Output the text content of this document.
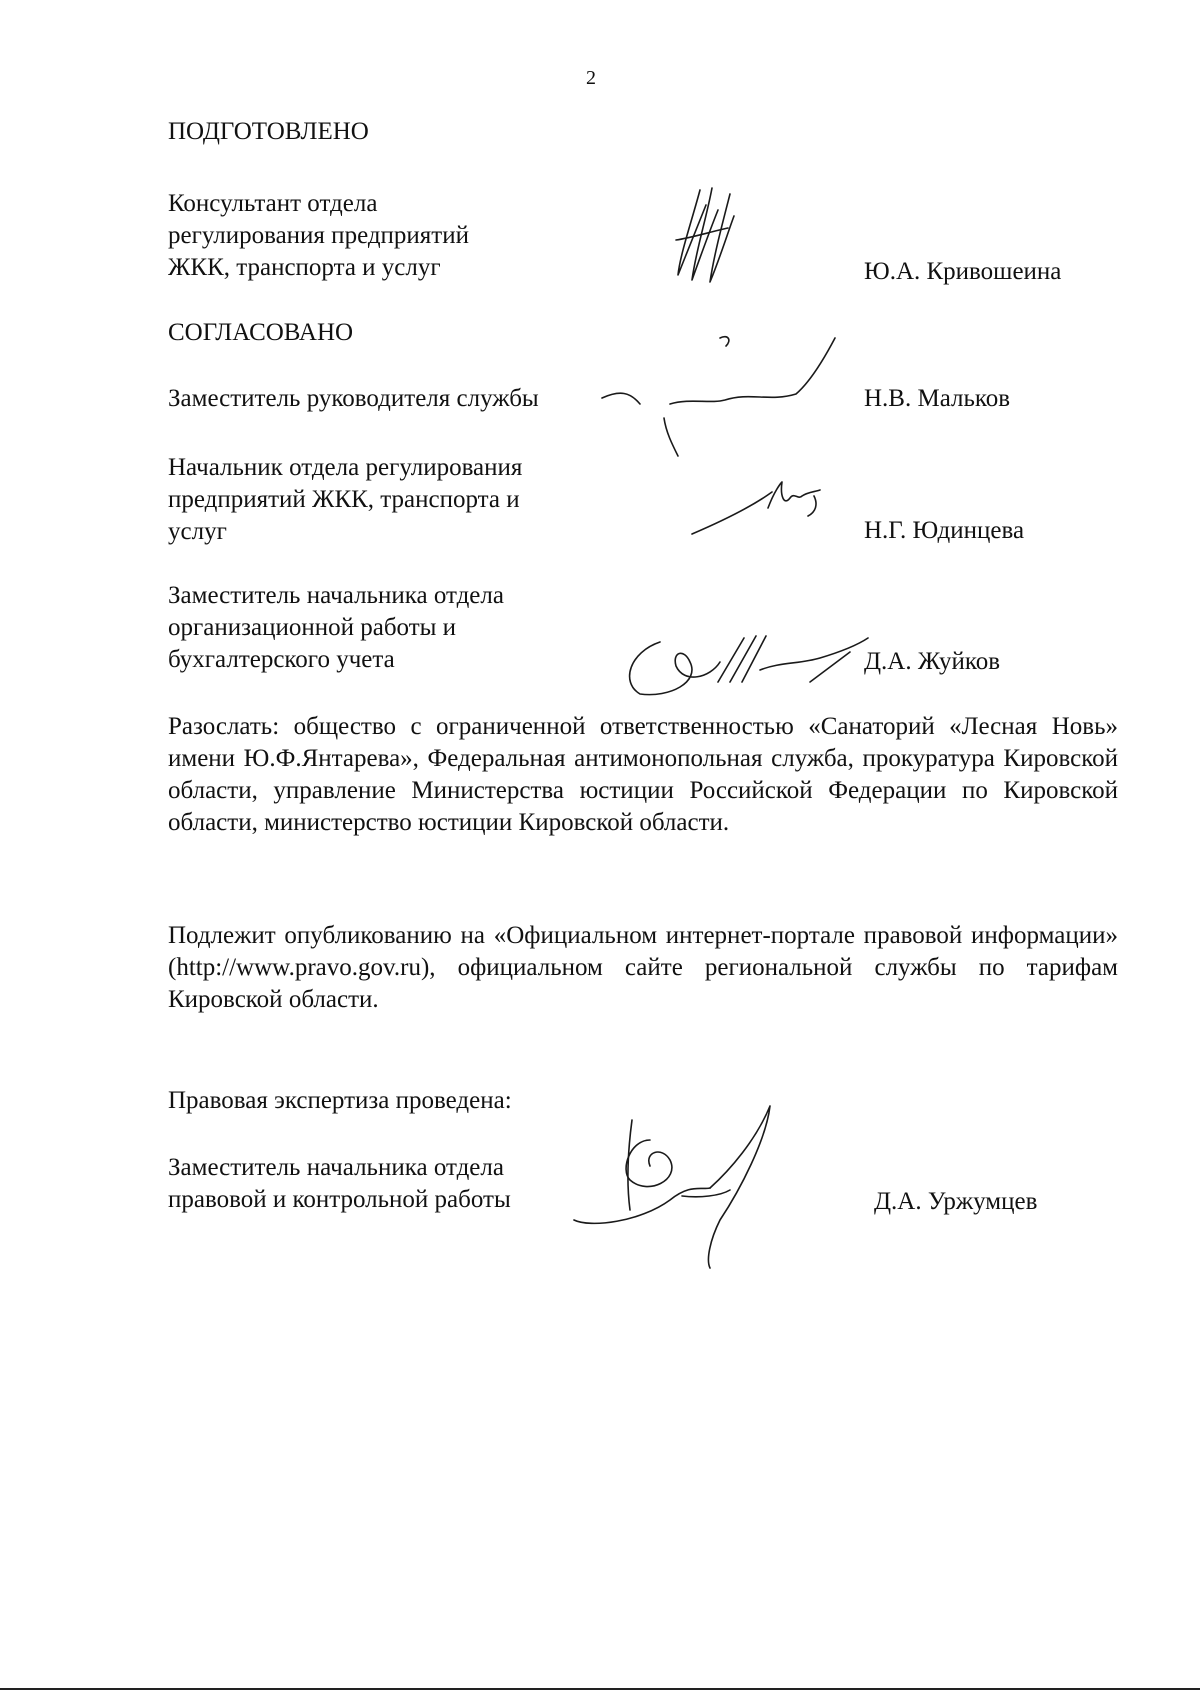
2
ПОДГОТОВЛЕНО
Консультант отдела
регулирования предприятий
ЖКК, транспорта и услуг	Ю.А. Кривошеина
СОГЛАСОВАНО
Заместитель руководителя службы	Н.В. Мальков
Начальник отдела регулирования
предприятий ЖКК, транспорта и
услуг	Н.Г. Юдинцева
Заместитель начальника отдела
организационной работы и
бухгалтерского учета	Д.А. Жуйков
Разослать: общество с ограниченной ответственностью «Санаторий «Лесная Новь» имени Ю.Ф.Янтарева», Федеральная антимонопольная служба, прокуратура Кировской области, управление Министерства юстиции Российской Федерации по Кировской области, министерство юстиции Кировской области.
Подлежит опубликованию на «Официальном интернет-портале правовой информации» (http://www.pravo.gov.ru), официальном сайте региональной службы по тарифам Кировской области.
Правовая экспертиза проведена:
Заместитель начальника отдела
правовой и контрольной работы	Д.А. Уржумцев
